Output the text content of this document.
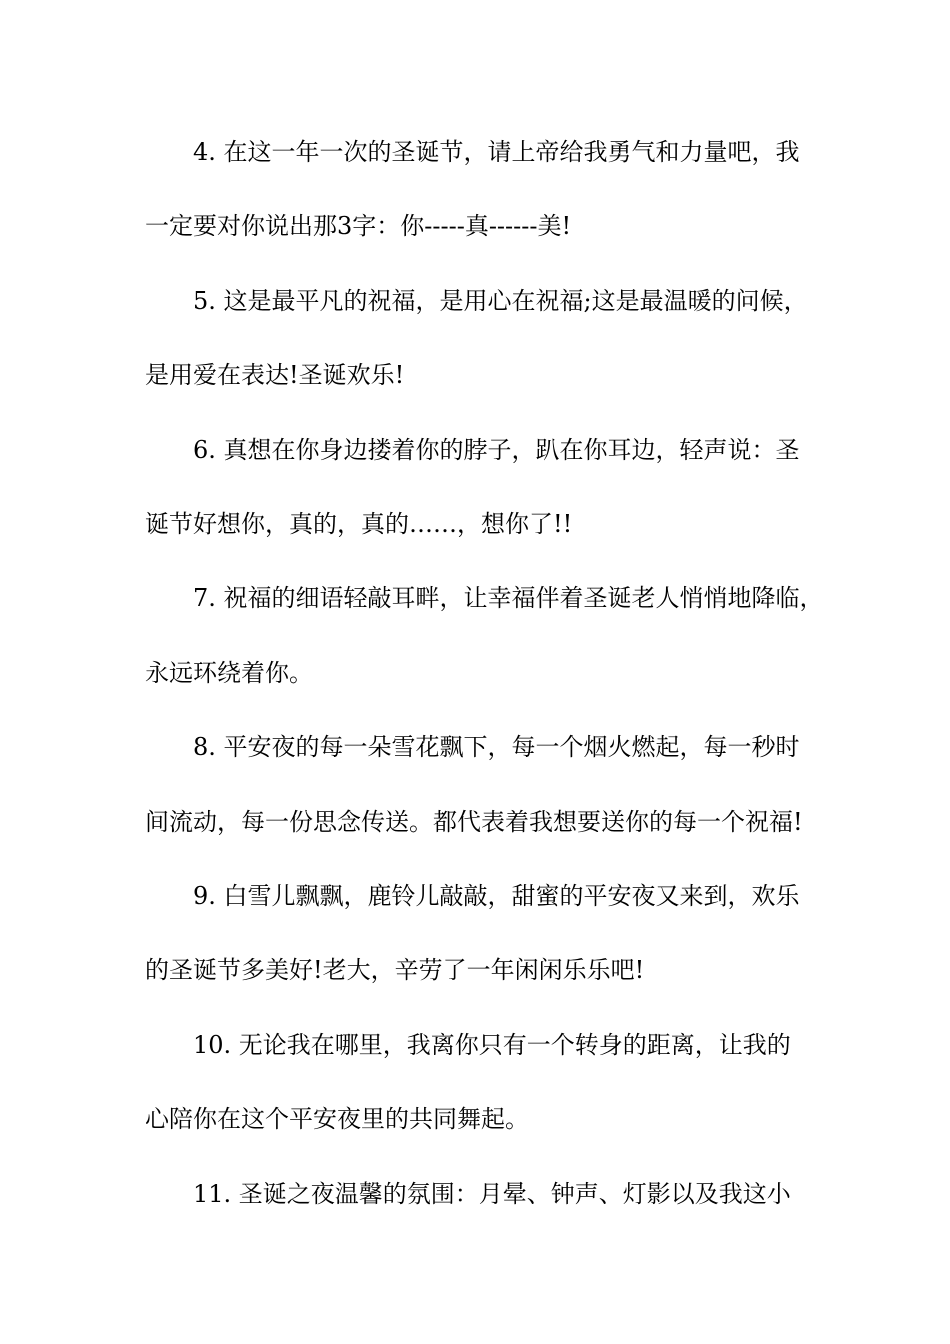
4. 在这一年一次的圣诞节，请上帝给我勇气和力量吧，我
一定要对你说出那3字：你-----真------美!
5. 这是最平凡的祝福，是用心在祝福;这是最温暖的问候，
是用爱在表达!圣诞欢乐!
6. 真想在你身边搂着你的脖子，趴在你耳边，轻声说：圣
诞节好想你，真的，真的……，想你了!!
7. 祝福的细语轻敲耳畔，让幸福伴着圣诞老人悄悄地降临，
永远环绕着你。
8. 平安夜的每一朵雪花飘下，每一个烟火燃起，每一秒时
间流动，每一份思念传送。都代表着我想要送你的每一个祝福!
9. 白雪儿飘飘，鹿铃儿敲敲，甜蜜的平安夜又来到，欢乐
的圣诞节多美好!老大，辛劳了一年闲闲乐乐吧!
10. 无论我在哪里，我离你只有一个转身的距离，让我的
心陪你在这个平安夜里的共同舞起。
11. 圣诞之夜温馨的氛围：月晕、钟声、灯影以及我这小
